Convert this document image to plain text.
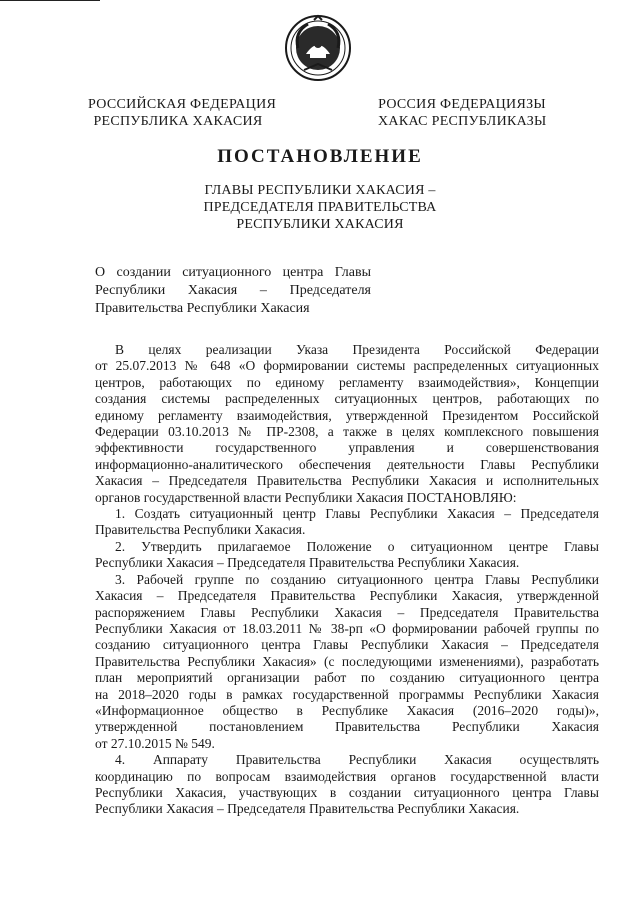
РОССИЙСКАЯ ФЕДЕРАЦИЯ
РЕСПУБЛИКА ХАКАСИЯ
РОССИЯ ФЕДЕРАЦИЯЗЫ
ХАКАС РЕСПУБЛИКАЗЫ
ПОСТАНОВЛЕНИЕ
ГЛАВЫ РЕСПУБЛИКИ ХАКАСИЯ –
ПРЕДСЕДАТЕЛЯ ПРАВИТЕЛЬСТВА
РЕСПУБЛИКИ ХАКАСИЯ
О создании ситуационного центра Главы
Республики Хакасия – Председателя
Правительства Республики Хакасия
В целях реализации Указа Президента Российской Федерации
от 25.07.2013 № 648 «О формировании системы распределенных ситуационных
центров, работающих по единому регламенту взаимодействия», Концепции
создания системы распределенных ситуационных центров, работающих по
единому регламенту взаимодействия, утвержденной Президентом Российской
Федерации 03.10.2013 № ПР-2308, а также в целях комплексного повышения
эффективности государственного управления и совершенствования
информационно-аналитического обеспечения деятельности Главы Республики
Хакасия – Председателя Правительства Республики Хакасия и исполнительных
органов государственной власти Республики Хакасия ПОСТАНОВЛЯЮ:
1. Создать ситуационный центр Главы Республики Хакасия – Председателя
Правительства Республики Хакасия.
2. Утвердить прилагаемое Положение о ситуационном центре Главы
Республики Хакасия – Председателя Правительства Республики Хакасия.
3. Рабочей группе по созданию ситуационного центра Главы Республики
Хакасия – Председателя Правительства Республики Хакасия, утвержденной
распоряжением Главы Республики Хакасия – Председателя Правительства
Республики Хакасия от 18.03.2011 № 38-рп «О формировании рабочей группы по
созданию ситуационного центра Главы Республики Хакасия – Председателя
Правительства Республики Хакасия» (с последующими изменениями), разработать
план мероприятий организации работ по созданию ситуационного центра
на 2018–2020 годы в рамках государственной программы Республики Хакасия
«Информационное общество в Республике Хакасия (2016–2020 годы)»,
утвержденной постановлением Правительства Республики Хакасия
от 27.10.2015 № 549.
4. Аппарату Правительства Республики Хакасия осуществлять
координацию по вопросам взаимодействия органов государственной власти
Республики Хакасия, участвующих в создании ситуационного центра Главы
Республики Хакасия – Председателя Правительства Республики Хакасия.
